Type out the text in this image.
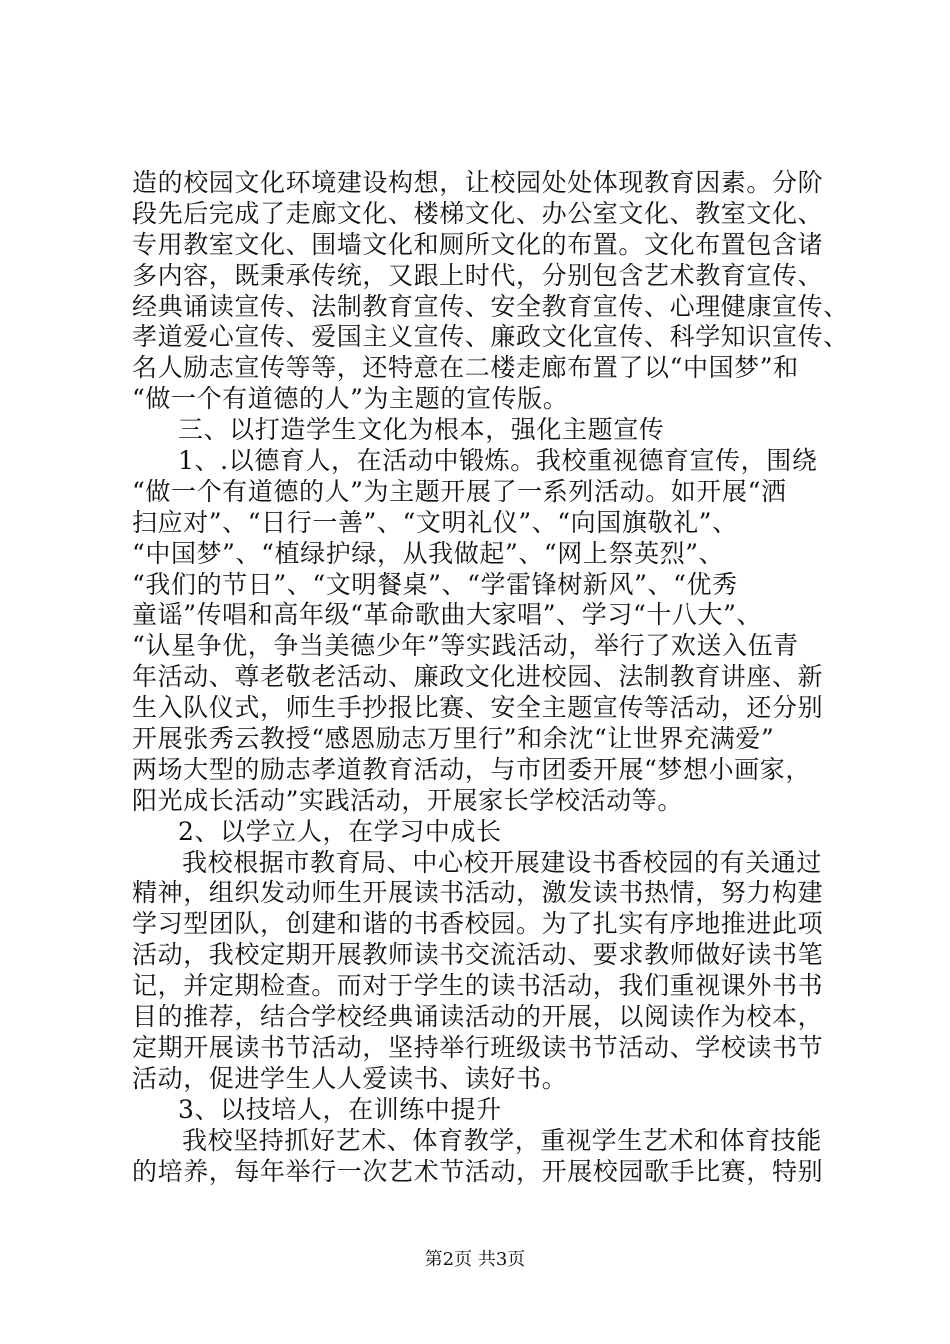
造的校园文化环境建设构想，让校园处处体现教育因素。分阶
段先后完成了走廊文化、楼梯文化、办公室文化、教室文化、
专用教室文化、围墙文化和厕所文化的布置。文化布置包含诸
多内容，既秉承传统，又跟上时代，分别包含艺术教育宣传、
经典诵读宣传、法制教育宣传、安全教育宣传、心理健康宣传、
孝道爱心宣传、爱国主义宣传、廉政文化宣传、科学知识宣传、
名人励志宣传等等，还特意在二楼走廊布置了以“中国梦”和
“做一个有道德的人”为主题的宣传版。
三、以打造学生文化为根本，强化主题宣传
1、.以德育人，在活动中锻炼。我校重视德育宣传，围绕
“做一个有道德的人”为主题开展了一系列活动。如开展“洒
扫应对”、“日行一善”、“文明礼仪”、“向国旗敬礼”、
“中国梦”、“植绿护绿，从我做起”、“网上祭英烈”、
“我们的节日”、“文明餐桌”、“学雷锋树新风”、“优秀
童谣”传唱和高年级“革命歌曲大家唱”、学习“十八大”、
“认星争优，争当美德少年”等实践活动，举行了欢送入伍青
年活动、尊老敬老活动、廉政文化进校园、法制教育讲座、新
生入队仪式，师生手抄报比赛、安全主题宣传等活动，还分别
开展张秀云教授“感恩励志万里行”和余沈“让世界充满爱”
两场大型的励志孝道教育活动，与市团委开展“梦想小画家，
阳光成长活动”实践活动，开展家长学校活动等。
2、以学立人，在学习中成长
我校根据市教育局、中心校开展建设书香校园的有关通过
精神，组织发动师生开展读书活动，激发读书热情，努力构建
学习型团队，创建和谐的书香校园。为了扎实有序地推进此项
活动，我校定期开展教师读书交流活动、要求教师做好读书笔
记，并定期检查。而对于学生的读书活动，我们重视课外书书
目的推荐，结合学校经典诵读活动的开展，以阅读作为校本，
定期开展读书节活动，坚持举行班级读书节活动、学校读书节
活动，促进学生人人爱读书、读好书。
3、以技培人，在训练中提升
我校坚持抓好艺术、体育教学，重视学生艺术和体育技能
的培养，每年举行一次艺术节活动，开展校园歌手比赛，特别
第2页 共3页
